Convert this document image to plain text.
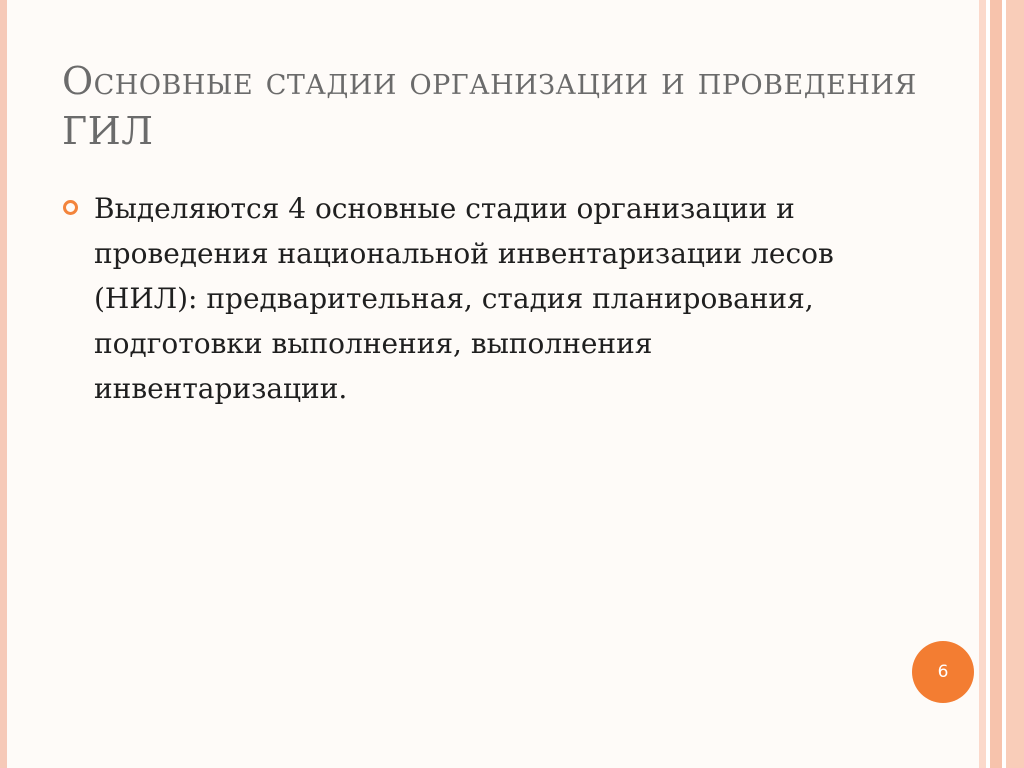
Основные стадии организации и проведения ГИЛ
Выделяются 4 основные стадии организации и проведения национальной инвентаризации лесов (НИЛ): предварительная, стадия планирования, подготовки выполнения, выполнения инвентаризации.
6
